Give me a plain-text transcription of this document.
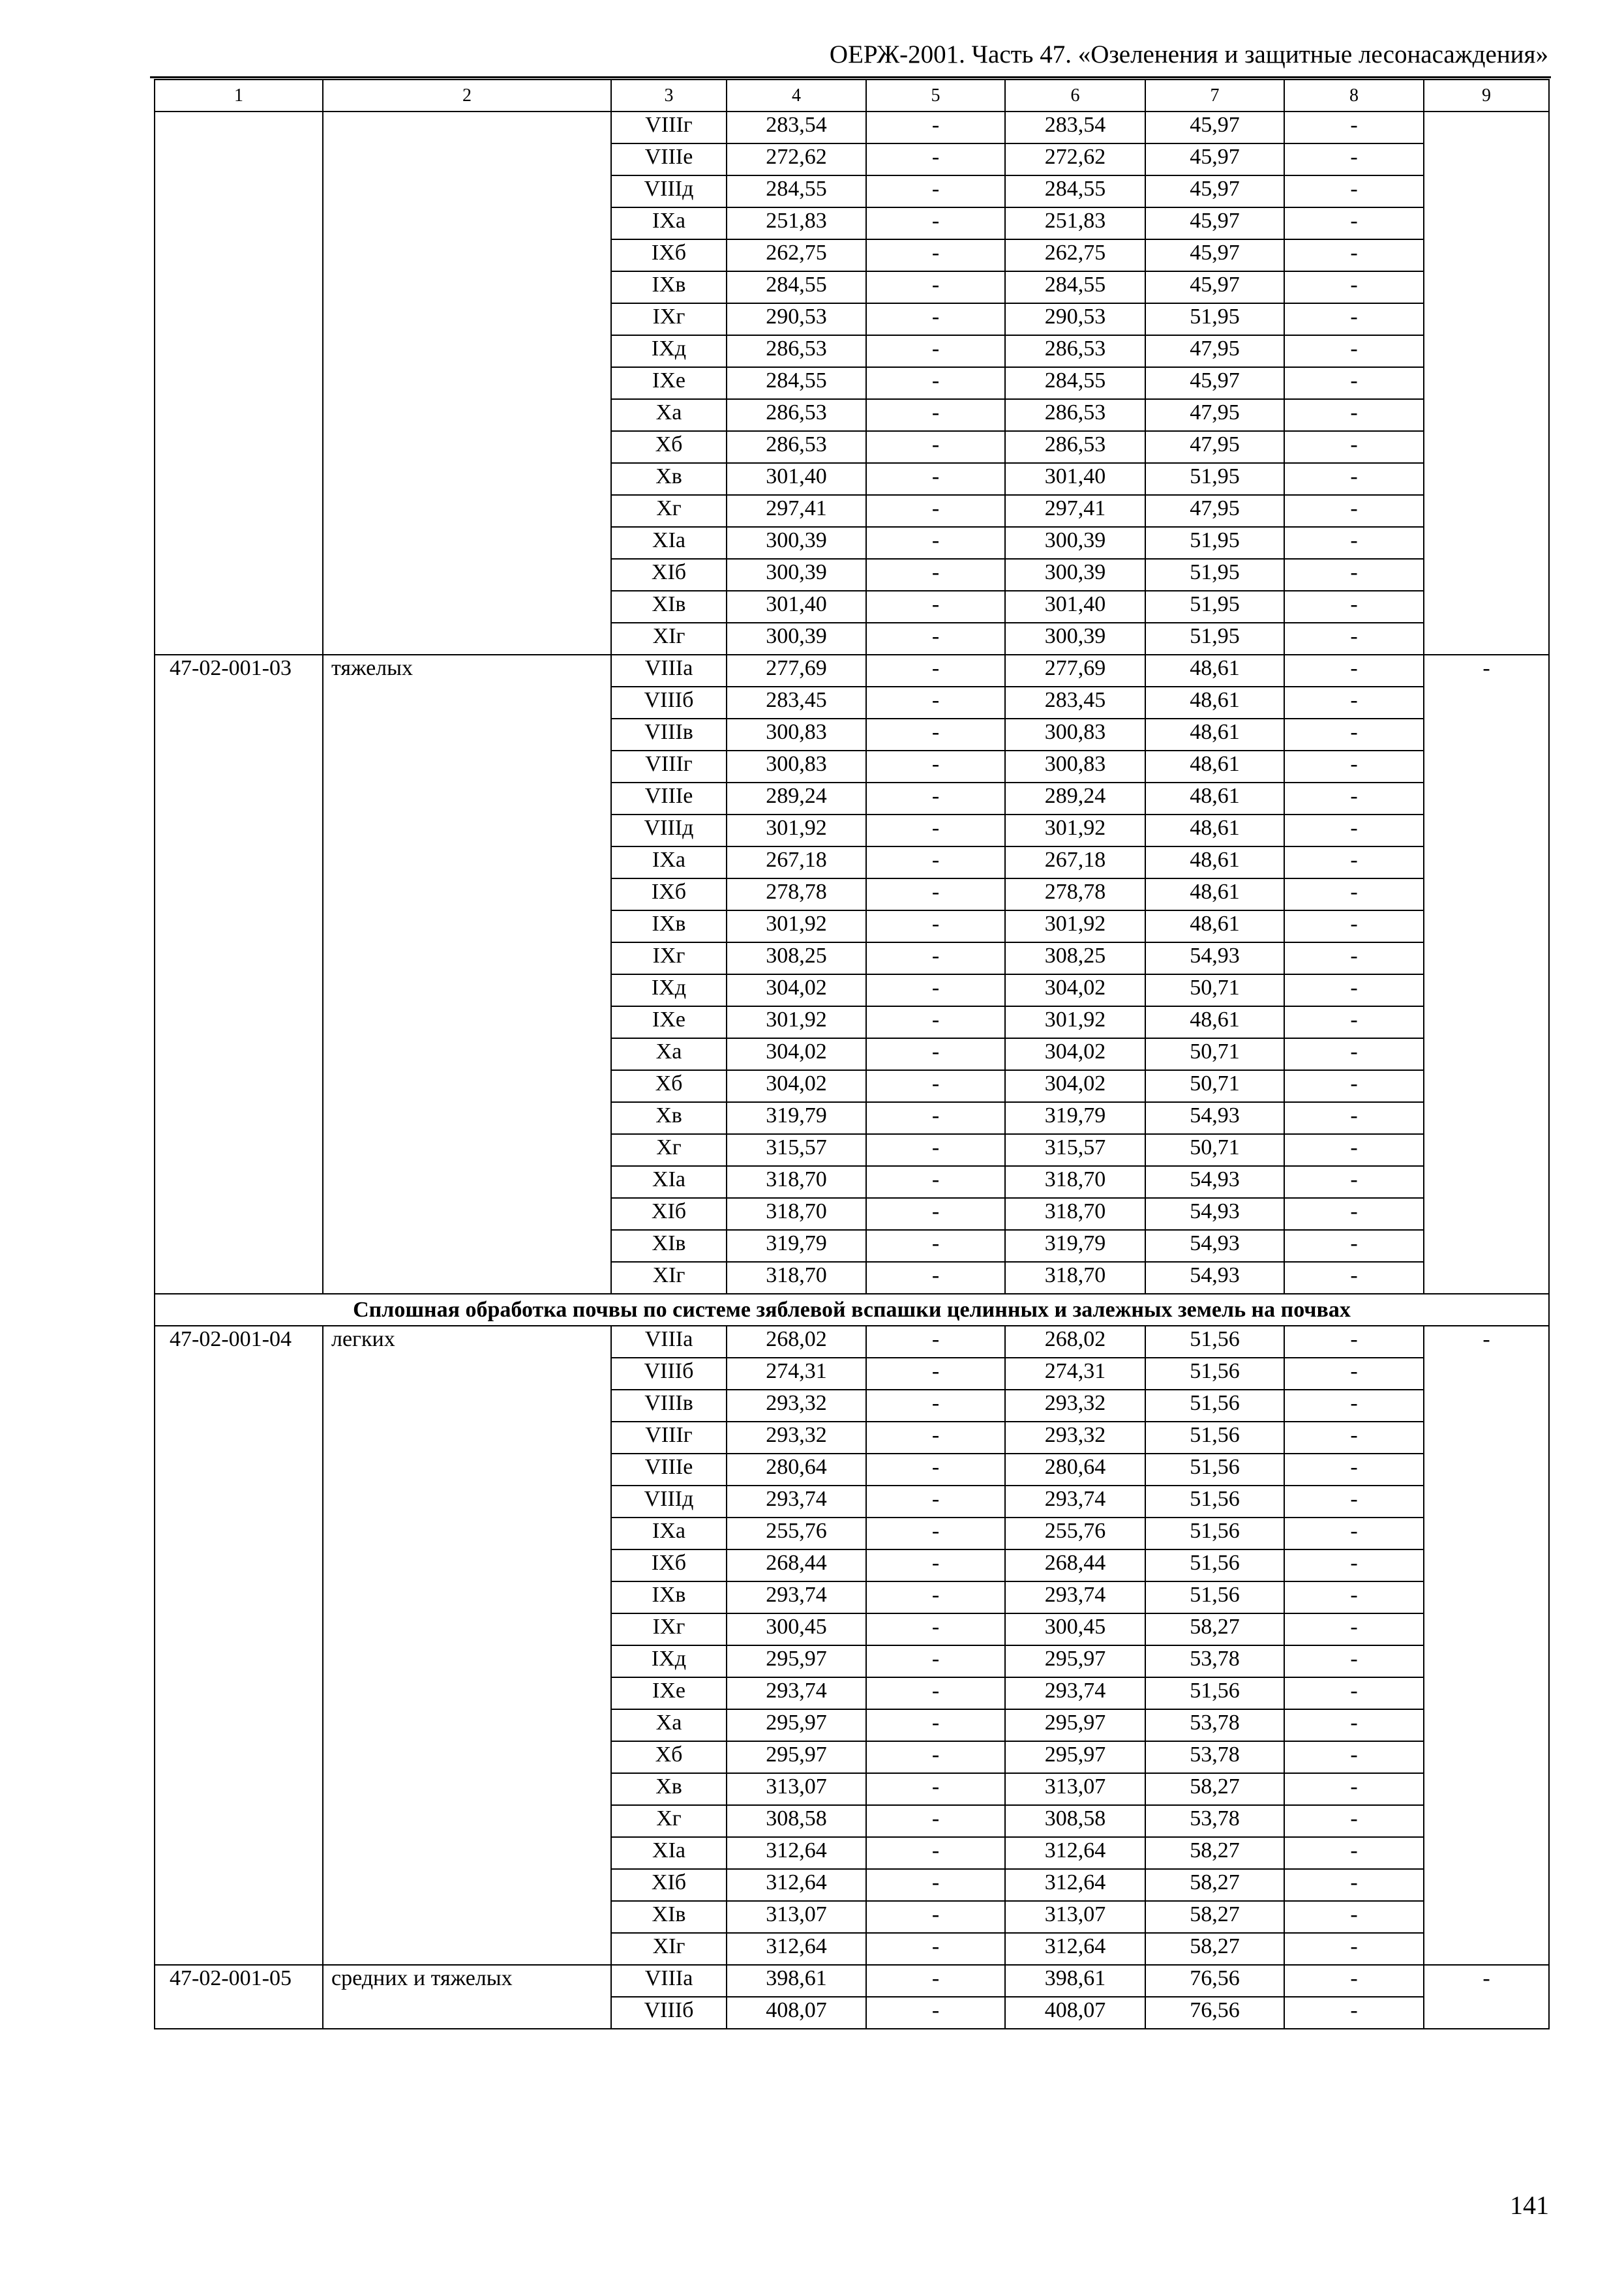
ОЕРЖ-2001. Часть 47. «Озеленения и защитные лесонасаждения»
1	2	3	4	5	6	7	8	9
		VIIIг	283,54	-	283,54	45,97	-	
		VIIIе	272,62	-	272,62	45,97	-	
		VIIIд	284,55	-	284,55	45,97	-	
		IXа	251,83	-	251,83	45,97	-	
		IXб	262,75	-	262,75	45,97	-	
		IXв	284,55	-	284,55	45,97	-	
		IXг	290,53	-	290,53	51,95	-	
		IXд	286,53	-	286,53	47,95	-	
		IXе	284,55	-	284,55	45,97	-	
		Xа	286,53	-	286,53	47,95	-	
		Xб	286,53	-	286,53	47,95	-	
		Xв	301,40	-	301,40	51,95	-	
		Xг	297,41	-	297,41	47,95	-	
		XIа	300,39	-	300,39	51,95	-	
		XIб	300,39	-	300,39	51,95	-	
		XIв	301,40	-	301,40	51,95	-	
		XIг	300,39	-	300,39	51,95	-	
47-02-001-03	тяжелых	VIIIа	277,69	-	277,69	48,61	-	-
		VIIIб	283,45	-	283,45	48,61	-	
		VIIIв	300,83	-	300,83	48,61	-	
		VIIIг	300,83	-	300,83	48,61	-	
		VIIIе	289,24	-	289,24	48,61	-	
		VIIIд	301,92	-	301,92	48,61	-	
		IXа	267,18	-	267,18	48,61	-	
		IXб	278,78	-	278,78	48,61	-	
		IXв	301,92	-	301,92	48,61	-	
		IXг	308,25	-	308,25	54,93	-	
		IXд	304,02	-	304,02	50,71	-	
		IXе	301,92	-	301,92	48,61	-	
		Xа	304,02	-	304,02	50,71	-	
		Xб	304,02	-	304,02	50,71	-	
		Xв	319,79	-	319,79	54,93	-	
		Xг	315,57	-	315,57	50,71	-	
		XIа	318,70	-	318,70	54,93	-	
		XIб	318,70	-	318,70	54,93	-	
		XIв	319,79	-	319,79	54,93	-	
		XIг	318,70	-	318,70	54,93	-	
Сплошная обработка почвы по системе зяблевой вспашки целинных и залежных земель на почвах								
47-02-001-04	легких	VIIIа	268,02	-	268,02	51,56	-	-
		VIIIб	274,31	-	274,31	51,56	-	
		VIIIв	293,32	-	293,32	51,56	-	
		VIIIг	293,32	-	293,32	51,56	-	
		VIIIе	280,64	-	280,64	51,56	-	
		VIIIд	293,74	-	293,74	51,56	-	
		IXа	255,76	-	255,76	51,56	-	
		IXб	268,44	-	268,44	51,56	-	
		IXв	293,74	-	293,74	51,56	-	
		IXг	300,45	-	300,45	58,27	-	
		IXд	295,97	-	295,97	53,78	-	
		IXе	293,74	-	293,74	51,56	-	
		Xа	295,97	-	295,97	53,78	-	
		Xб	295,97	-	295,97	53,78	-	
		Xв	313,07	-	313,07	58,27	-	
		Xг	308,58	-	308,58	53,78	-	
		XIа	312,64	-	312,64	58,27	-	
		XIб	312,64	-	312,64	58,27	-	
		XIв	313,07	-	313,07	58,27	-	
		XIг	312,64	-	312,64	58,27	-	
47-02-001-05	средних и тяжелых	VIIIа	398,61	-	398,61	76,56	-	-
		VIIIб	408,07	-	408,07	76,56	-	
141
